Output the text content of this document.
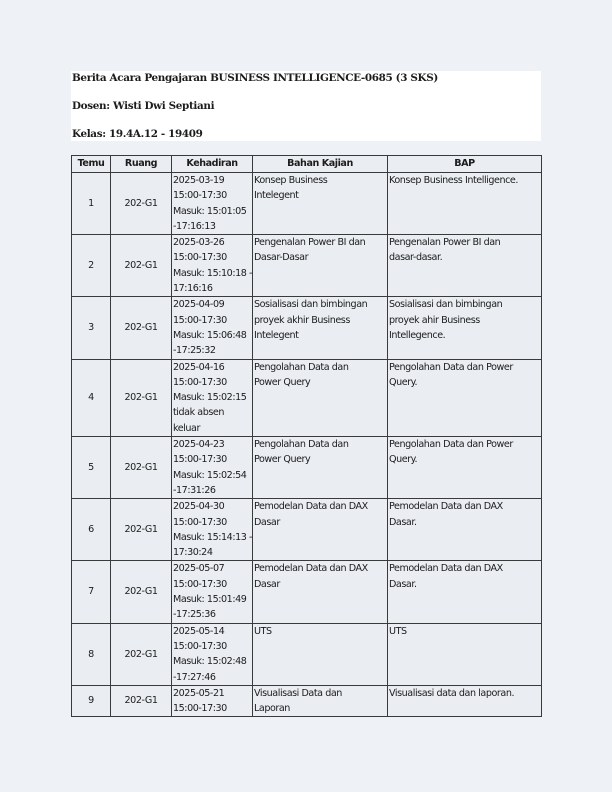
Berita Acara Pengajaran BUSINESS INTELLIGENCE-0685 (3 SKS)
Dosen: Wisti Dwi Septiani
Kelas: 19.4A.12 - 19409
Temu	Ruang	Kehadiran	Bahan Kajian	BAP
1	202-G1	2025-03-19
15:00-17:30
Masuk: 15:01:05
-17:16:13	Konsep Business
Intelegent	Konsep Business Intelligence.

2	202-G1	2025-03-26
15:00-17:30
Masuk: 15:10:18 -
17:16:16	Pengenalan Power BI dan
Dasar-Dasar	Pengenalan Power BI dan
dasar-dasar.

3	202-G1	2025-04-09
15:00-17:30
Masuk: 15:06:48
-17:25:32	Sosialisasi dan bimbingan
proyek akhir Business
Intelegent	Sosialisasi dan bimbingan
proyek ahir Business
Intellegence.

4	202-G1	2025-04-16
15:00-17:30
Masuk: 15:02:15
tidak absen
keluar	Pengolahan Data dan
Power Query	Pengolahan Data dan Power
Query.

5	202-G1	2025-04-23
15:00-17:30
Masuk: 15:02:54
-17:31:26	Pengolahan Data dan
Power Query	Pengolahan Data dan Power
Query.

6	202-G1	2025-04-30
15:00-17:30
Masuk: 15:14:13 -
17:30:24	Pemodelan Data dan DAX
Dasar	Pemodelan Data dan DAX
Dasar.

7	202-G1	2025-05-07
15:00-17:30
Masuk: 15:01:49
-17:25:36	Pemodelan Data dan DAX
Dasar	Pemodelan Data dan DAX
Dasar.

8	202-G1	2025-05-14
15:00-17:30
Masuk: 15:02:48
-17:27:46	UTS	UTS

9	202-G1	2025-05-21
15:00-17:30	Visualisasi Data dan
Laporan	Visualisasi data dan laporan.
